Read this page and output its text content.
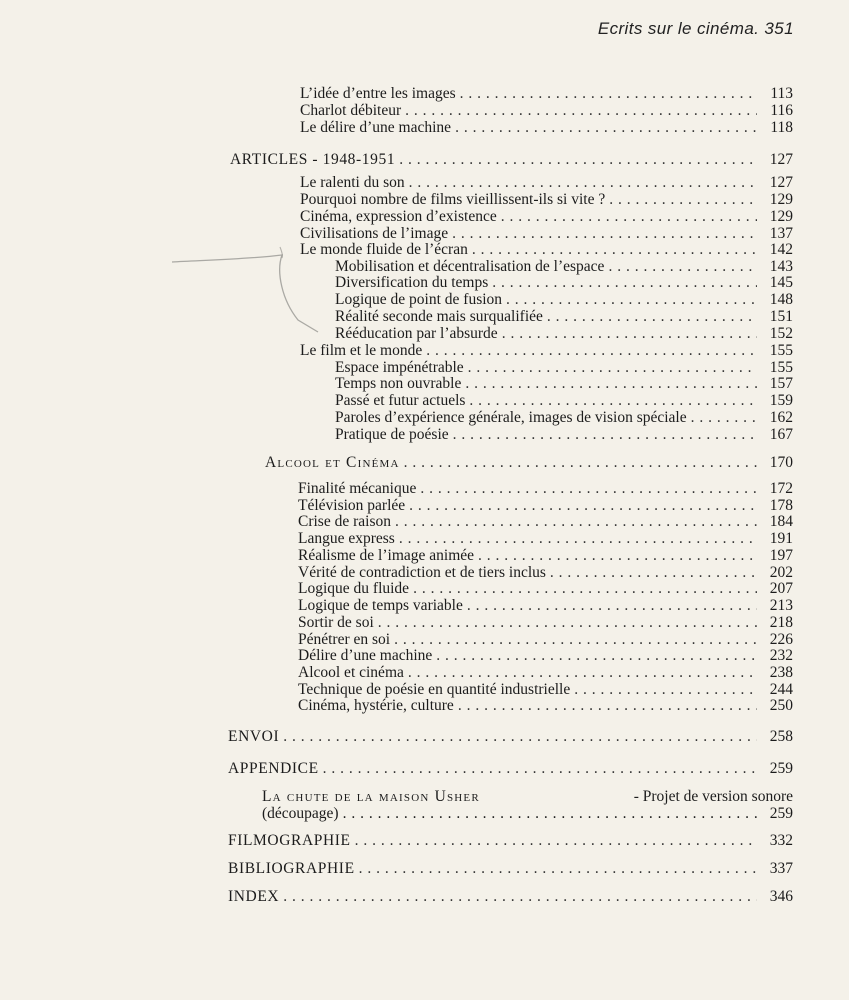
Ecrits sur le cinéma. 351
L’idée d’entre les images . . .	113
Charlot débiteur . . .	116
Le délire d’une machine . . .	118
ARTICLES - 1948-1951 . . .	127
Le ralenti du son . . .	127
Pourquoi nombre de films vieillissent-ils si vite ? . . .	129
Cinéma, expression d’existence . . .	129
Civilisations de l’image . . .	137
Le monde fluide de l’écran . . .	142
Mobilisation et décentralisation de l’espace . . .	143
Diversification du temps . . .	145
Logique de point de fusion . . .	148
Réalité seconde mais surqualifiée . . .	151
Rééducation par l’absurde . . .	152
Le film et le monde . . .	155
Espace impénétrable . . .	155
Temps non ouvrable . . .	157
Passé et futur actuels . . .	159
Paroles d’expérience générale, images de vision spéciale . . .	162
Pratique de poésie . . .	167
Alcool et Cinéma . . .	170
Finalité mécanique . . .	172
Télévision parlée . . .	178
Crise de raison . . .	184
Langue express . . .	191
Réalisme de l’image animée . . .	197
Vérité de contradiction et de tiers inclus . . .	202
Logique du fluide . . .	207
Logique de temps variable . . .	213
Sortir de soi . . .	218
Pénétrer en soi . . .	226
Délire d’une machine . . .	232
Alcool et cinéma . . .	238
Technique de poésie en quantité industrielle . . .	244
Cinéma, hystérie, culture . . .	250
ENVOI . . .	258
APPENDICE . . .	259
La chute de la maison Usher	- Projet de version sonore
(découpage) . . .	259
FILMOGRAPHIE . . .	332
BIBLIOGRAPHIE . . .	337
INDEX . . .	346
